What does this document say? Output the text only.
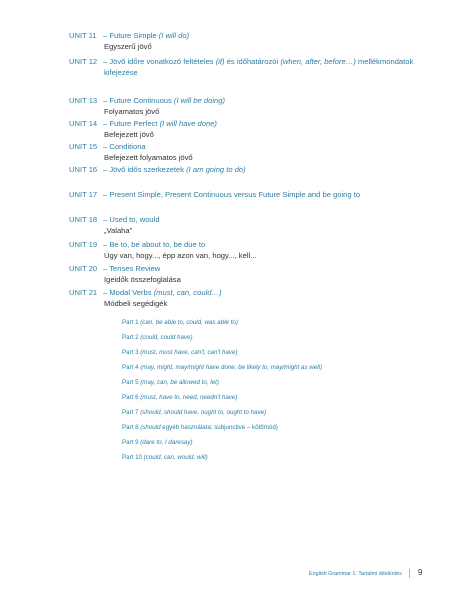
UNIT 11 – Future Simple (I will do)
Egyszerű jövő
UNIT 12 – Jövő időre vonatkozó feltételes (if) és időhatározói (when, after, before…) mellékmondatok
kifejezése
UNIT 13 – Future Continuous (I will be doing)
Folyamatos jövő
UNIT 14 – Future Perfect (I will have done)
Befejezett jövő
UNIT 15 – Conditiona
Befejezett folyamatos jövő
UNIT 16 – Jövő idős szerkezetek (I am going to do)
UNIT 17 – Present Simple, Present Continuous versus Future Simple and be going to
UNIT 18 – Used to, would
„Valaha”
UNIT 19 – Be to, be about to, be due to
Úgy van, hogy..., épp azon van, hogy..., kell...
UNIT 20 – Tenses Review
Igeidők összefoglalása
UNIT 21 – Modal Verbs (must, can, could…)
Módbeli segédigék
Part 1 (can, be able to, could, was able to)
Part 2 (could, could have)
Part 3 (must, must have, can't, can't have)
Part 4 (may, might, may/might have done, be likely to, may/might as well)
Part 5 (may, can, be allowed to, let)
Part 6 (must, have to, need, needn't have)
Part 7 (should, should have, ought to, ought to have)
Part 8 (should egyéb használata; subjunctive – kötőmód)
Part 9 (dare to, I daresay)
Part 10 (could, can, would, will)
English Grammar 1: Tartalmi áttekintés 9
